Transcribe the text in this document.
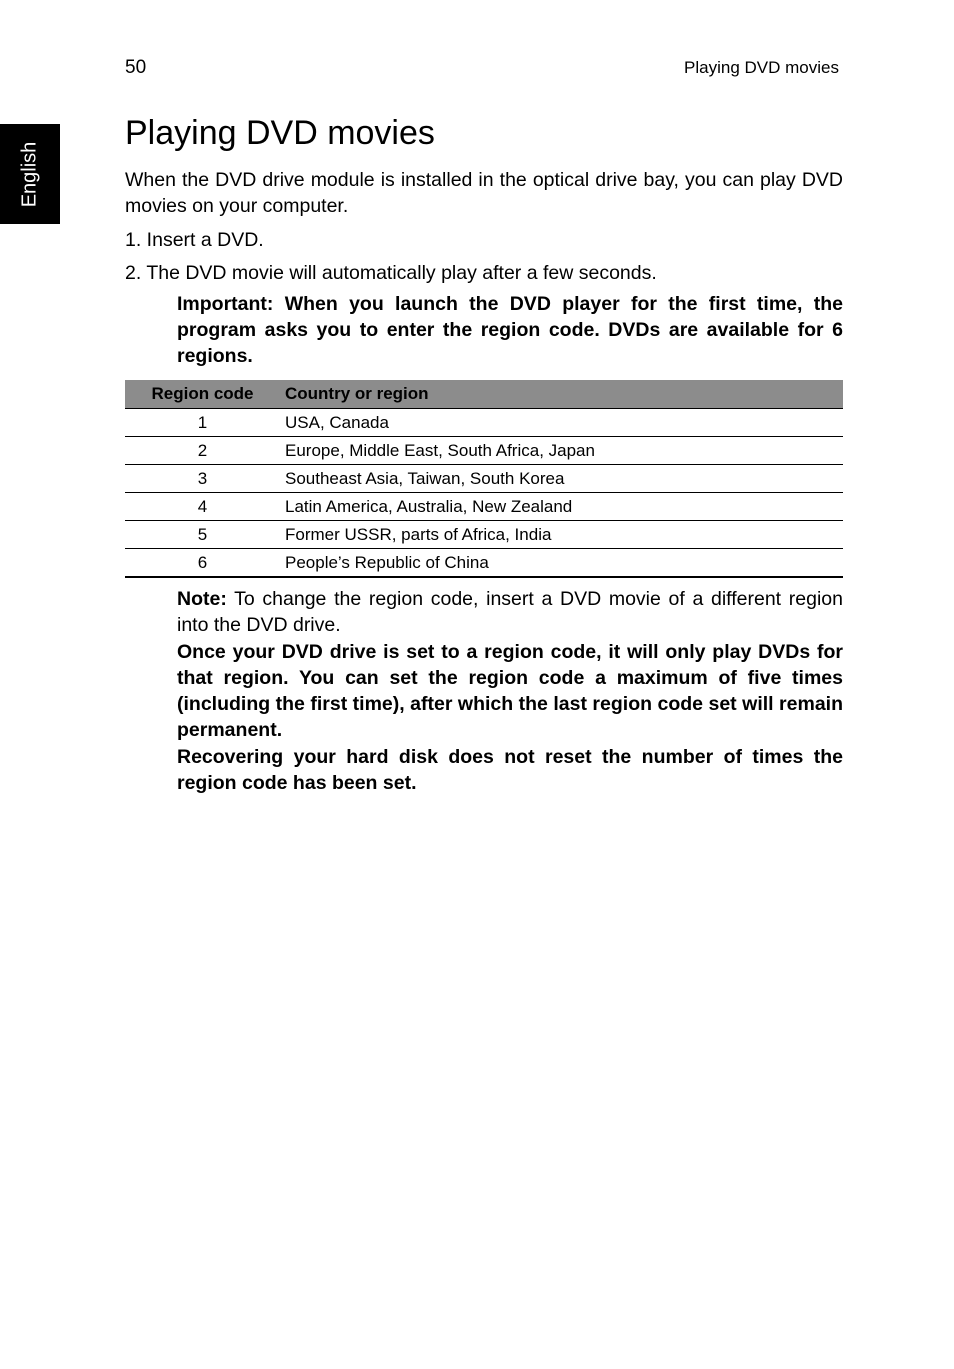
50	Playing DVD movies
English
Playing DVD movies

When the DVD drive module is installed in the optical drive bay, you can play DVD movies on your computer.

1. Insert a DVD.

2. The DVD movie will automatically play after a few seconds.

Important: When you launch the DVD player for the first time, the program asks you to enter the region code. DVDs are available for 6 regions.

Region code	Country or region
1	USA, Canada
2	Europe, Middle East, South Africa, Japan
3	Southeast Asia, Taiwan, South Korea
4	Latin America, Australia, New Zealand
5	Former USSR, parts of Africa, India
6	People’s Republic of China

Note: To change the region code, insert a DVD movie of a different region into the DVD drive.

Once your DVD drive is set to a region code, it will only play DVDs for that region. You can set the region code a maximum of five times (including the first time), after which the last region code set will remain permanent.

Recovering your hard disk does not reset the number of times the region code has been set.
